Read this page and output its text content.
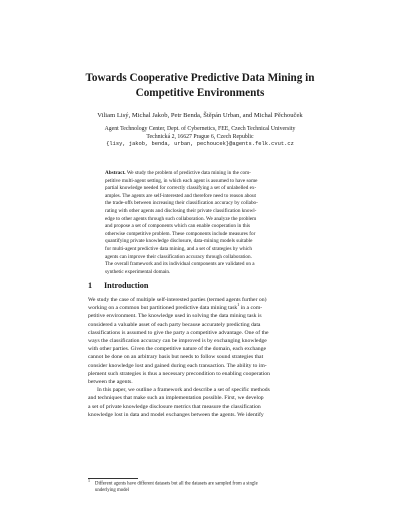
Towards Cooperative Predictive Data Mining in
Competitive Environments
Viliam Lisý, Michal Jakob, Petr Benda, Štěpán Urban, and Michal Pěchouček
Agent Technology Center, Dept. of Cybernetics, FEE, Czech Technical University
Technická 2, 16627 Prague 6, Czech Republic
{lisy, jakob, benda, urban, pechoucek}@agents.felk.cvut.cz
Abstract. We study the problem of predictive data mining in the com-
petitive multi-agent setting, in which each agent is assumed to have some
partial knowledge needed for correctly classifying a set of unlabelled ex-
amples. The agents are self-interested and therefore need to reason about
the trade-offs between increasing their classification accuracy by collabo-
rating with other agents and disclosing their private classification knowl-
edge to other agents through such collaboration. We analyze the problem
and propose a set of components which can enable cooperation in this
otherwise competitive problem. These components include measures for
quantifying private knowledge disclosure, data-mining models suitable
for multi-agent predictive data mining, and a set of strategies by which
agents can improve their classification accuracy through collaboration.
The overall framework and its individual components are validated on a
synthetic experimental domain.
1 Introduction

We study the case of multiple self-interested parties (termed agents further on)
working on a common but partitioned predictive data mining task$^1$ in a com-
petitive environment. The knowledge used in solving the data mining task is
considered a valuable asset of each party because accurately predicting data
classifications is assumed to give the party a competitive advantage. One of the
ways the classification accuracy can be improved is by exchanging knowledge
with other parties. Given the competitive nature of the domain, each exchange
cannot be done on an arbitrary basis but needs to follow sound strategies that
consider knowledge lost and gained during each transaction. The ability to im-
plement such strategies is thus a necessary precondition to enabling cooperation
between the agents.

In this paper, we outline a framework and describe a set of specific methods
and techniques that make such an implementation possible. First, we develop
a set of private knowledge disclosure metrics that measure the classification
knowledge lost in data and model exchanges between the agents. We identify

$^1$Different agents have different datasets but all the datasets are sampled from a single
underlying model
